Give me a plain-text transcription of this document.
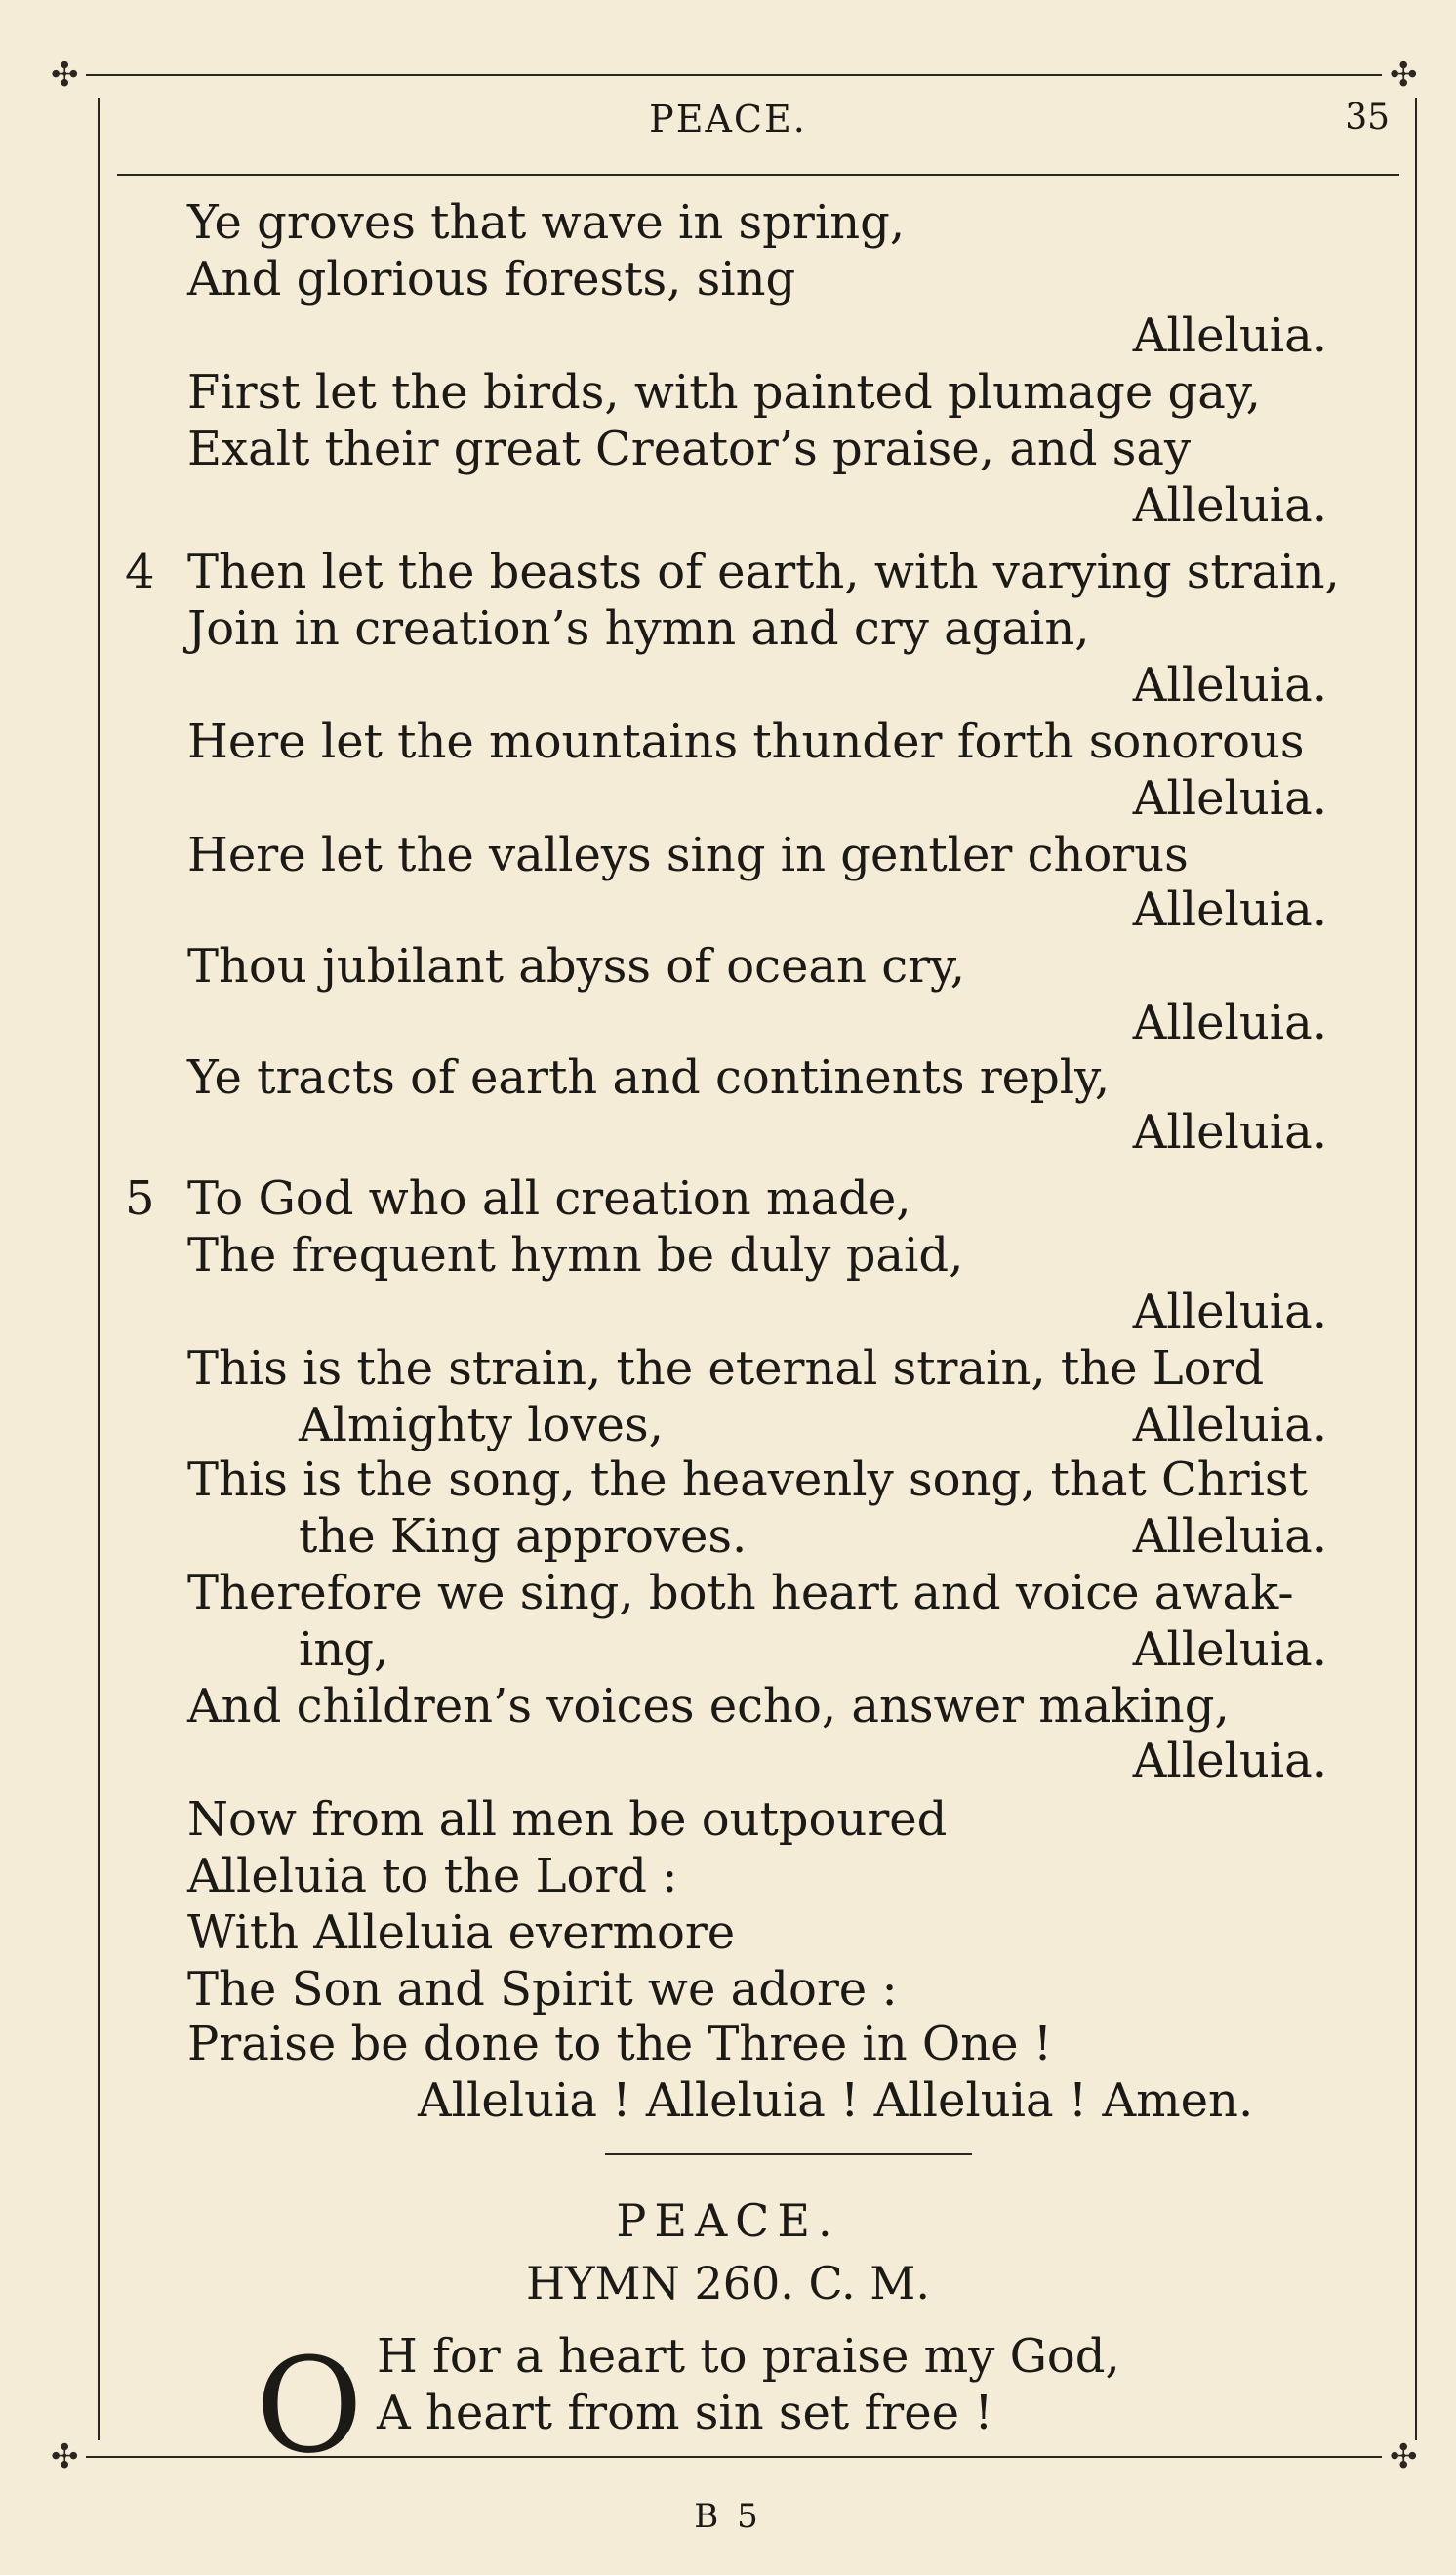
✣	✣
PEACE.	35
Ye groves that wave in spring,
And glorious forests, sing
Alleluia.
First let the birds, with painted plumage gay,
Exalt their great Creator’s praise, and say
Alleluia.
4 Then let the beasts of earth, with varying strain,
Join in creation’s hymn and cry again,
Alleluia.
Here let the mountains thunder forth sonorous
Alleluia.
Here let the valleys sing in gentler chorus
Alleluia.
Thou jubilant abyss of ocean cry,
Alleluia.
Ye tracts of earth and continents reply,
Alleluia.
5 To God who all creation made,
The frequent hymn be duly paid,
Alleluia.
This is the strain, the eternal strain, the Lord
Almighty loves,	Alleluia.
This is the song, the heavenly song, that Christ
the King approves.	Alleluia.
Therefore we sing, both heart and voice awak-
ing,	Alleluia.
And children’s voices echo, answer making,
Alleluia.
Now from all men be outpoured
Alleluia to the Lord :
With Alleluia evermore
The Son and Spirit we adore :
Praise be done to the Three in One !
Alleluia ! Alleluia ! Alleluia ! Amen.
PEACE.
HYMN 260. C. M.
O H for a heart to praise my God,
A heart from sin set free !
✣	✣
B 5
